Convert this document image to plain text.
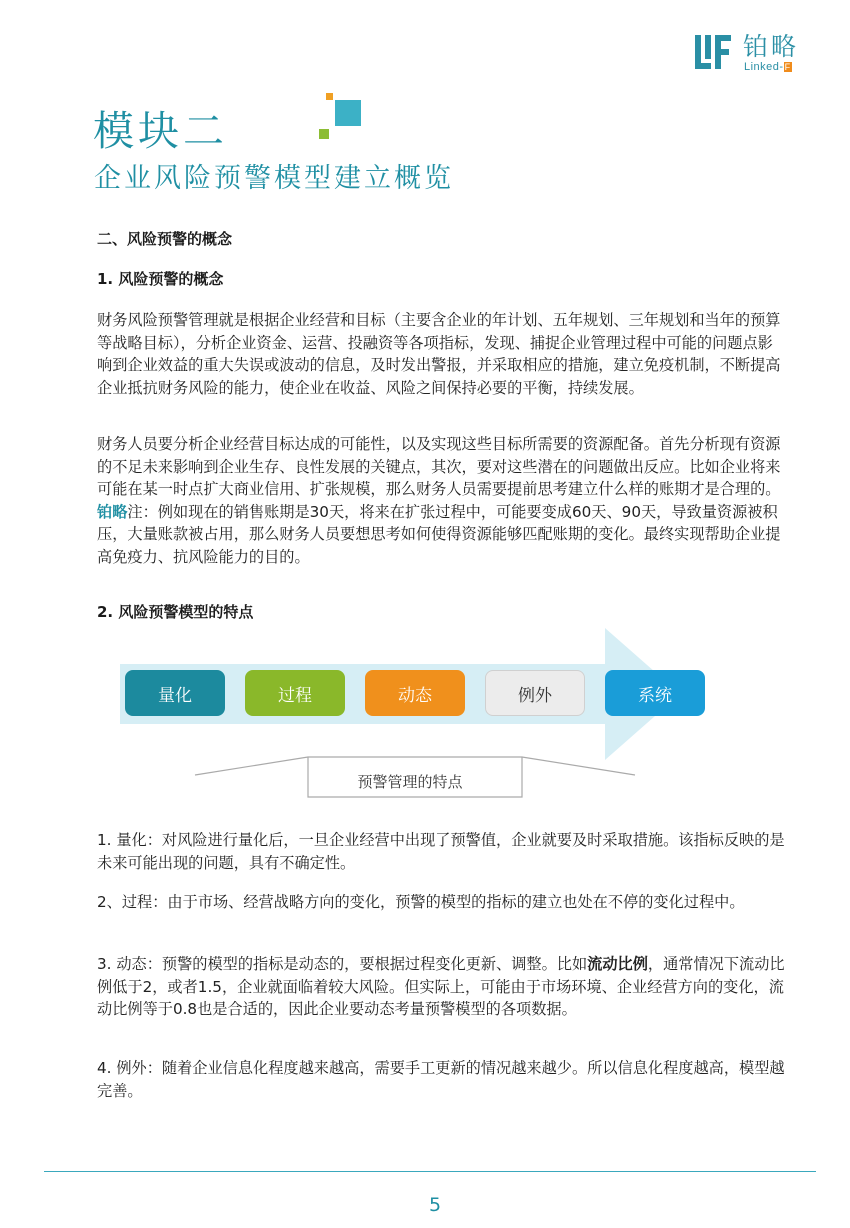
铂略
Linked-F
模块二
企业风险预警模型建立概览
二、风险预警的概念
1. 风险预警的概念
财务风险预警管理就是根据企业经营和目标（主要含企业的年计划、五年规划、三年规划和当年的预算等战略目标），分析企业资金、运营、投融资等各项指标，发现、捕捉企业管理过程中可能的问题点影响到企业效益的重大失误或波动的信息，及时发出警报，并采取相应的措施，建立免疫机制，不断提高企业抵抗财务风险的能力，使企业在收益、风险之间保持必要的平衡，持续发展。
财务人员要分析企业经营目标达成的可能性，以及实现这些目标所需要的资源配备。首先分析现有资源的不足未来影响到企业生存、良性发展的关键点，其次，要对这些潜在的问题做出反应。比如企业将来可能在某一时点扩大商业信用、扩张规模，那么财务人员需要提前思考建立什么样的账期才是合理的。铂略注：例如现在的销售账期是30天，将来在扩张过程中，可能要变成60天、90天，导致量资源被积压，大量账款被占用，那么财务人员要想思考如何使得资源能够匹配账期的变化。最终实现帮助企业提高免疫力、抗风险能力的目的。
2. 风险预警模型的特点
量化	过程	动态	例外	系统
预警管理的特点
1. 量化：对风险进行量化后，一旦企业经营中出现了预警值，企业就要及时采取措施。该指标反映的是未来可能出现的问题，具有不确定性。
2、过程：由于市场、经营战略方向的变化，预警的模型的指标的建立也处在不停的变化过程中。
3. 动态：预警的模型的指标是动态的，要根据过程变化更新、调整。比如流动比例，通常情况下流动比例低于2，或者1.5，企业就面临着较大风险。但实际上，可能由于市场环境、企业经营方向的变化，流动比例等于0.8也是合适的，因此企业要动态考量预警模型的各项数据。
4. 例外：随着企业信息化程度越来越高，需要手工更新的情况越来越少。所以信息化程度越高，模型越完善。
5
